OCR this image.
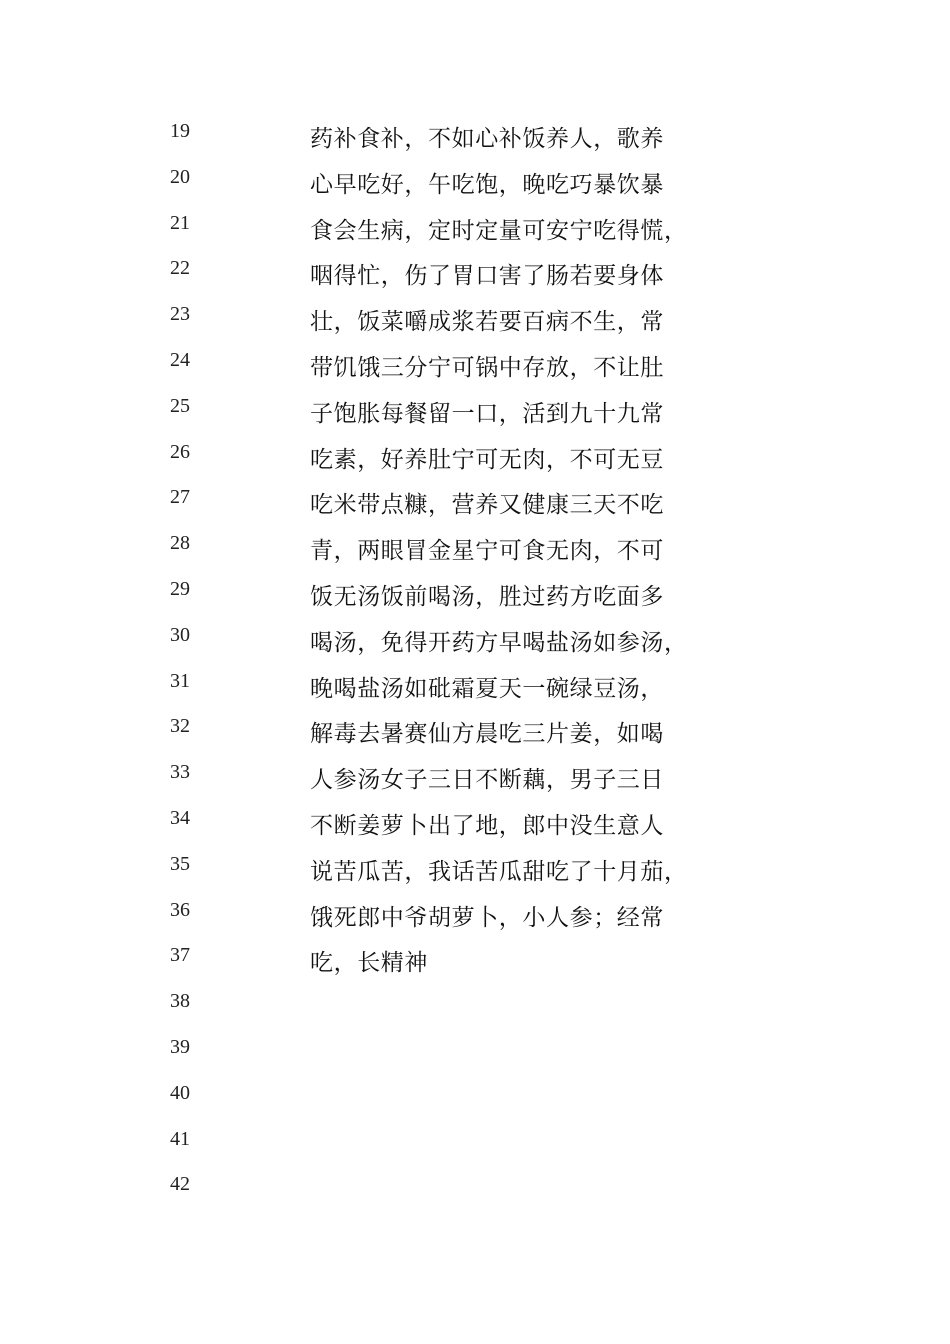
19
20
21
22
23
24
25
26
27
28
29
30
31
32
33
34
35
36
37
38
39
40
41
42
药补食补，不如心补饭养人，歌养
心早吃好，午吃饱，晚吃巧暴饮暴
食会生病，定时定量可安宁吃得慌，
咽得忙，伤了胃口害了肠若要身体
壮，饭菜嚼成浆若要百病不生，常
带饥饿三分宁可锅中存放，不让肚
子饱胀每餐留一口，活到九十九常
吃素，好养肚宁可无肉，不可无豆
吃米带点糠，营养又健康三天不吃
青，两眼冒金星宁可食无肉，不可
饭无汤饭前喝汤，胜过药方吃面多
喝汤，免得开药方早喝盐汤如参汤，
晚喝盐汤如砒霜夏天一碗绿豆汤，
解毒去暑赛仙方晨吃三片姜，如喝
人参汤女子三日不断藕，男子三日
不断姜萝卜出了地，郎中没生意人
说苦瓜苦，我话苦瓜甜吃了十月茄，
饿死郎中爷胡萝卜，小人参；经常
吃，长精神
